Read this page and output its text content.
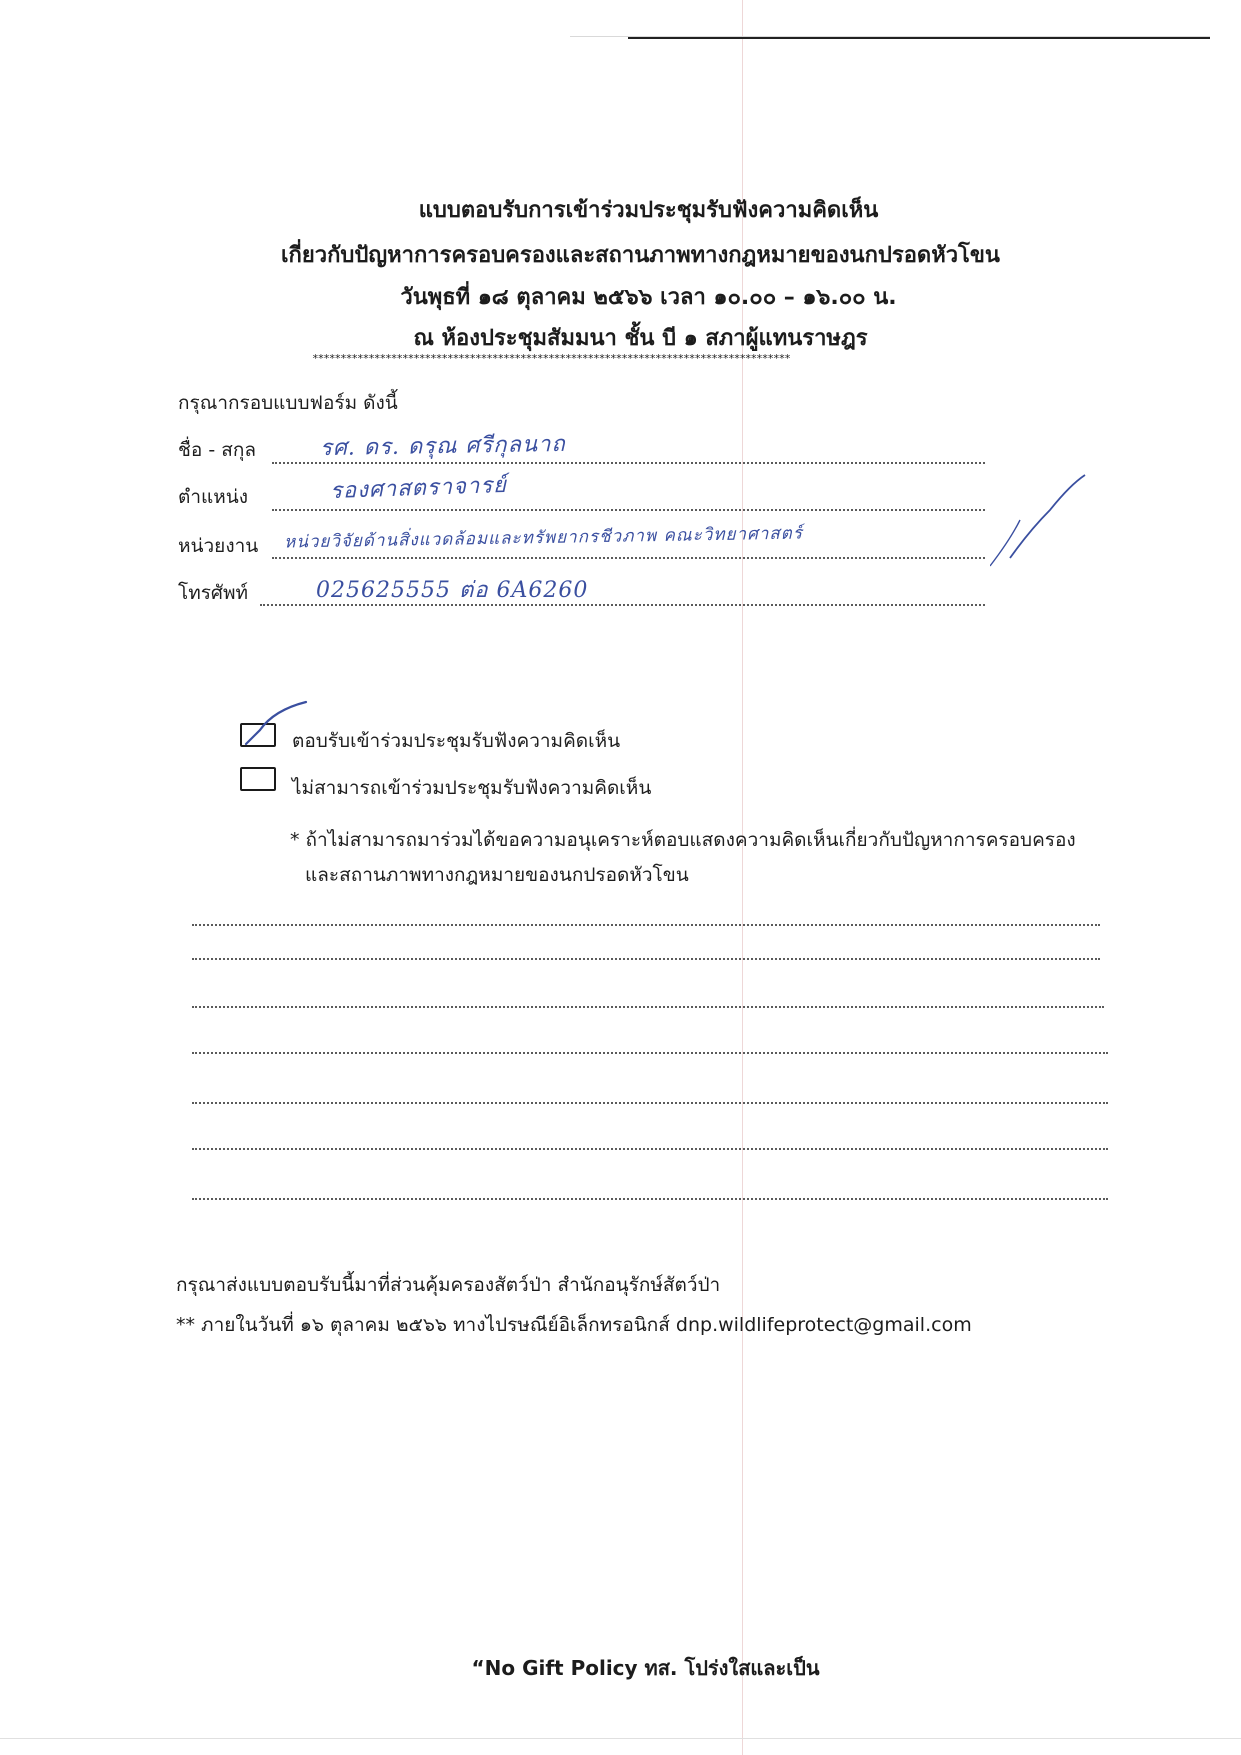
แบบตอบรับการเข้าร่วมประชุมรับฟังความคิดเห็น
เกี่ยวกับปัญหาการครอบครองและสถานภาพทางกฎหมายของนกปรอดหัวโขน
วันพุธที่ ๑๘ ตุลาคม ๒๕๖๖ เวลา ๑๐.๐๐ – ๑๖.๐๐ น.
ณ ห้องประชุมสัมมนา ชั้น บี ๑ สภาผู้แทนราษฎร
*************************************************************************************
กรุณากรอบแบบฟอร์ม ดังนี้
ชื่อ - สกุล	รศ. ดร. ดรุณ ศรีกุลนาถ
ตำแหน่ง	รองศาสตราจารย์
หน่วยงาน หน่วยวิจัยด้านสิ่งแวดล้อมและทรัพยากรชีวภาพ คณะวิทยาศาสตร์
โทรศัพท์	025625555 ต่อ 6A6260
ตอบรับเข้าร่วมประชุมรับฟังความคิดเห็น
ไม่สามารถเข้าร่วมประชุมรับฟังความคิดเห็น
* ถ้าไม่สามารถมาร่วมได้ขอความอนุเคราะห์ตอบแสดงความคิดเห็นเกี่ยวกับปัญหาการครอบครอง
และสถานภาพทางกฎหมายของนกปรอดหัวโขน
กรุณาส่งแบบตอบรับนี้มาที่ส่วนคุ้มครองสัตว์ป่า สำนักอนุรักษ์สัตว์ป่า
** ภายในวันที่ ๑๖ ตุลาคม ๒๕๖๖ ทางไปรษณีย์อิเล็กทรอนิกส์ dnp.wildlifeprotect@gmail.com
“No Gift Policy ทส. โปร่งใสและเป็น
